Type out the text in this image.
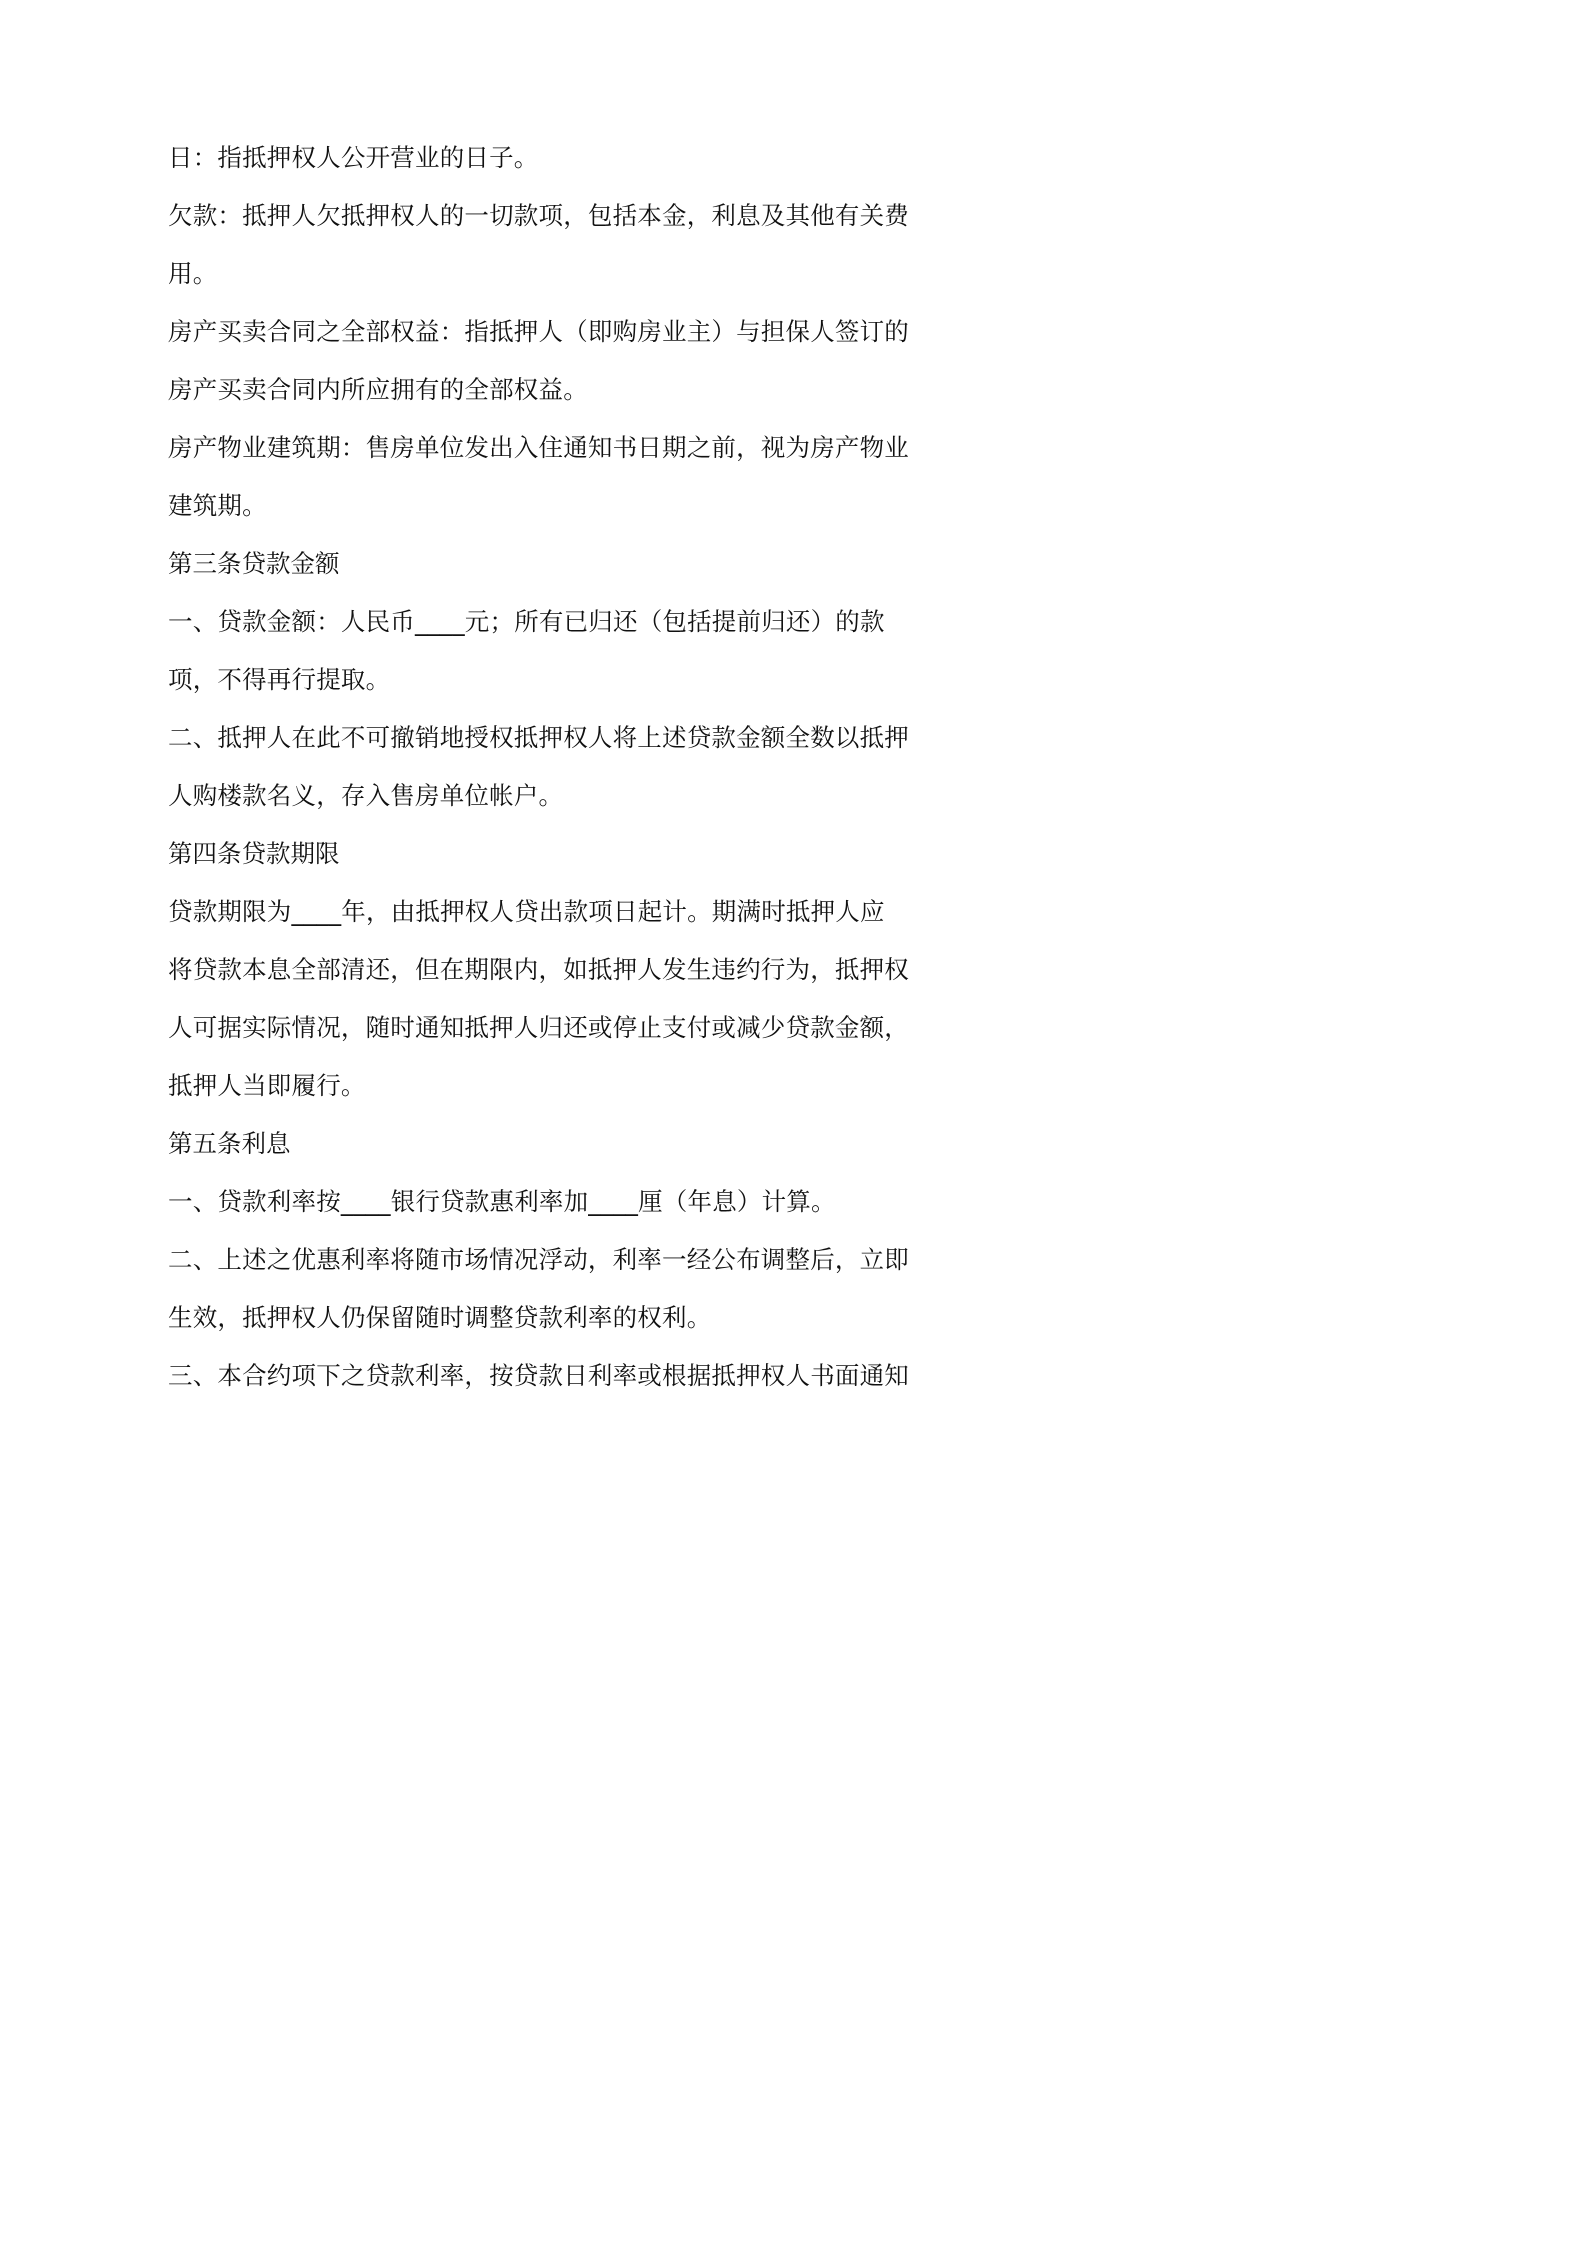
日：指抵押权人公开营业的日子。

欠款：抵押人欠抵押权人的一切款项，包括本金，利息及其他有关费

用。

房产买卖合同之全部权益：指抵押人（即购房业主）与担保人签订的

房产买卖合同内所应拥有的全部权益。

房产物业建筑期：售房单位发出入住通知书日期之前，视为房产物业

建筑期。

第三条贷款金额

一、贷款金额：人民币____元；所有已归还（包括提前归还）的款

项，不得再行提取。

二、抵押人在此不可撤销地授权抵押权人将上述贷款金额全数以抵押

人购楼款名义，存入售房单位帐户。

第四条贷款期限

贷款期限为____年，由抵押权人贷出款项日起计。期满时抵押人应

将贷款本息全部清还，但在期限内，如抵押人发生违约行为，抵押权

人可据实际情况，随时通知抵押人归还或停止支付或减少贷款金额，

抵押人当即履行。

第五条利息

一、贷款利率按____银行贷款惠利率加____厘（年息）计算。

二、上述之优惠利率将随市场情况浮动，利率一经公布调整后，立即

生效，抵押权人仍保留随时调整贷款利率的权利。

三、本合约项下之贷款利率，按贷款日利率或根据抵押权人书面通知
